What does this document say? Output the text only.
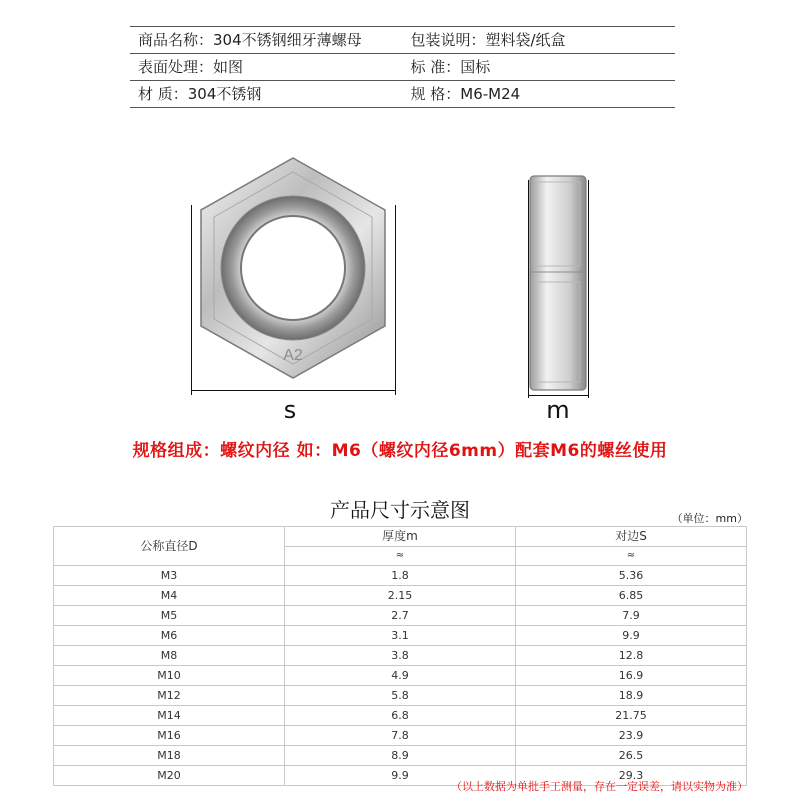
商品名称：304不锈钢细牙薄螺母	包装说明：塑料袋/纸盒
表面处理：如图	标 准：国标
材 质：304不锈钢	规 格：M6-M24
A2
s	m
规格组成：螺纹内径 如：M6（螺纹内径6mm）配套M6的螺丝使用
产品尺寸示意图	（单位：mm）
公称直径D
厚度m
≈
对边S
≈
M3	1.8	5.36
M4	2.15	6.85
M5	2.7	7.9
M6	3.1	9.9
M8	3.8	12.8
M10	4.9	16.9
M12	5.8	18.9
M14	6.8	21.75
M16	7.8	23.9
M18	8.9	26.5
M20	9.9	29.3
（以上数据为单批手工测量，存在一定误差，请以实物为准）
